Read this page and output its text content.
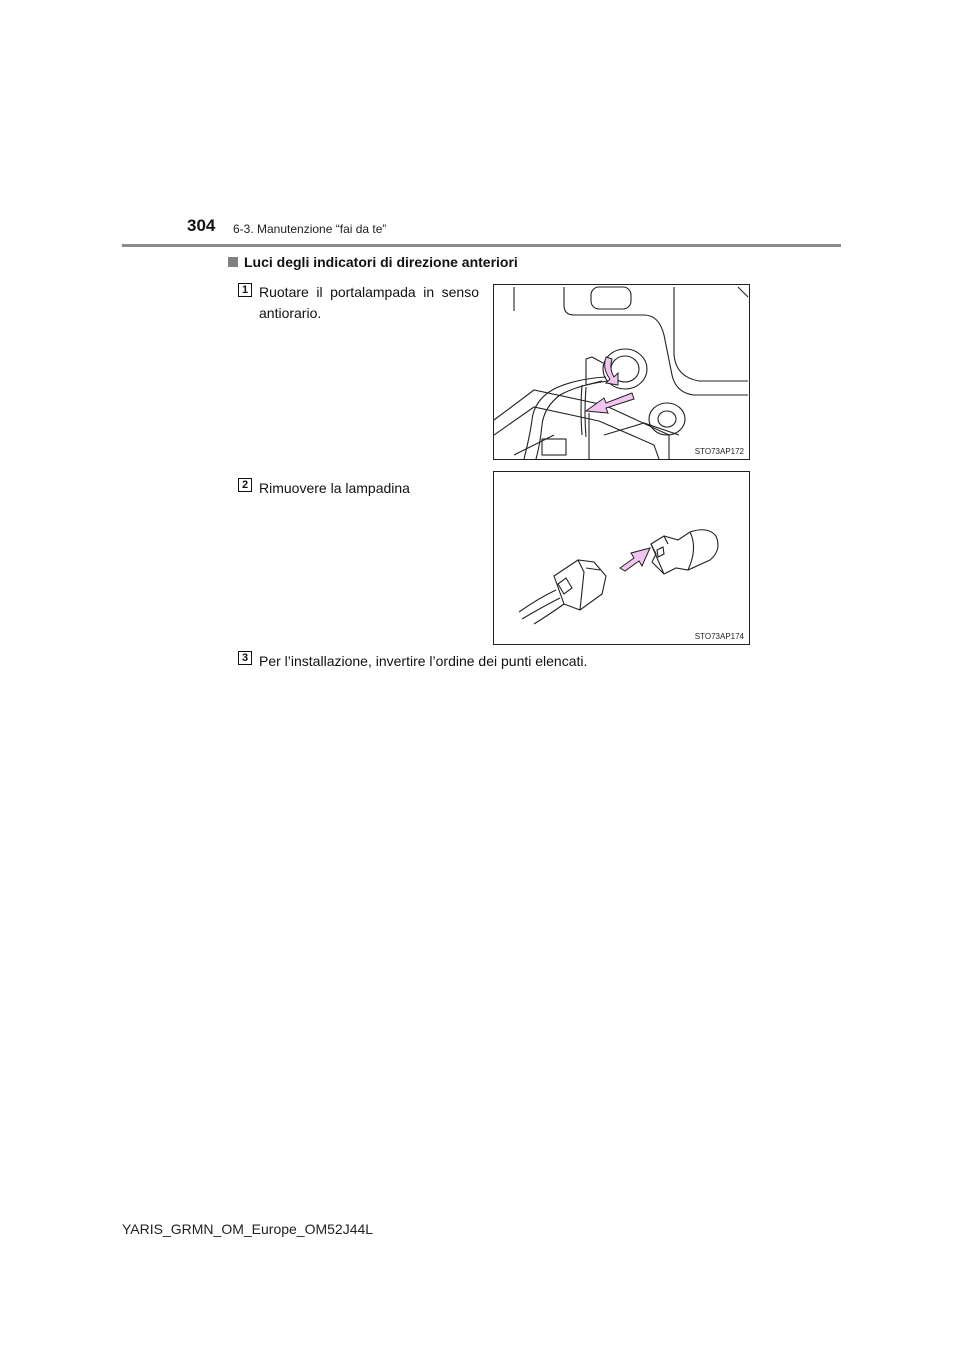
304 6-3. Manutenzione “fai da te”
Luci degli indicatori di direzione anteriori
1 Ruotare il portalampada in senso antiorario.
STO73AP172
2 Rimuovere la lampadina
STO73AP174
3 Per l’installazione, invertire l’ordine dei punti elencati.
YARIS_GRMN_OM_Europe_OM52J44L
